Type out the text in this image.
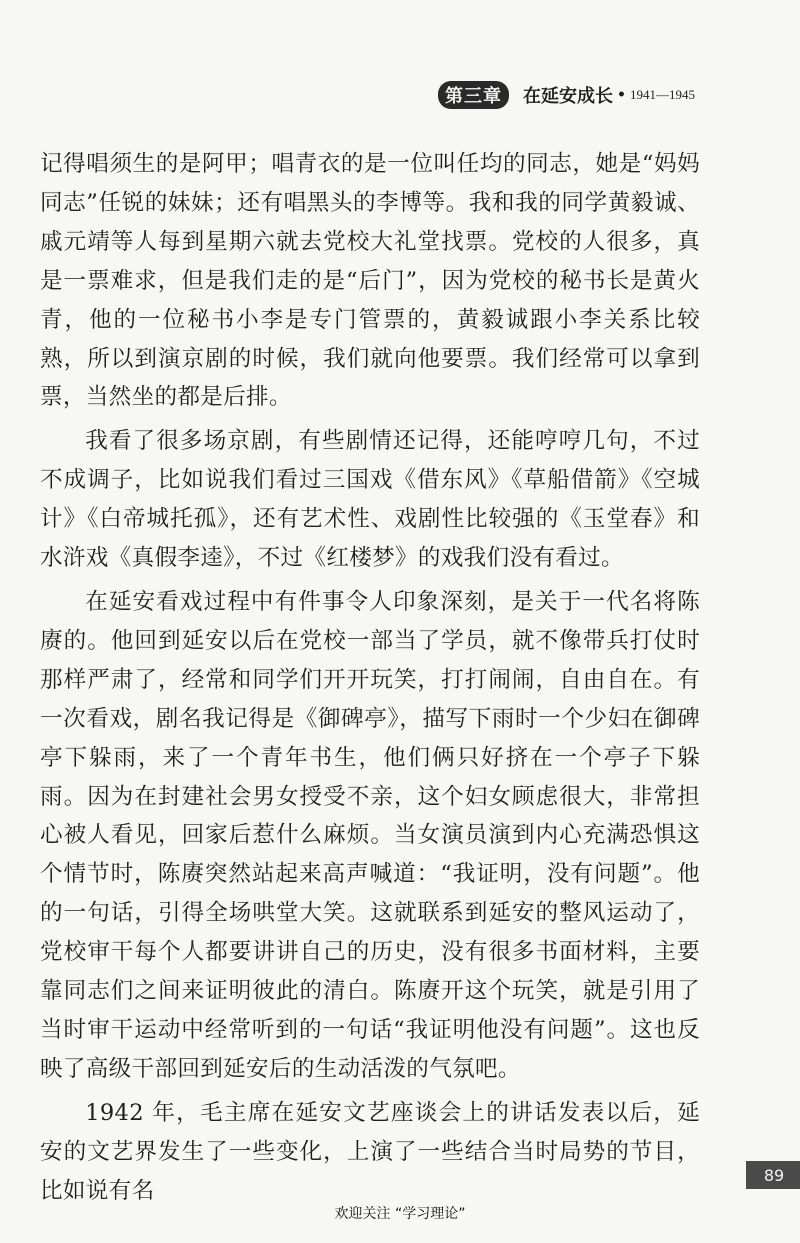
第三章	在延安成长 • 1941—1945

记得唱须生的是阿甲；唱青衣的是一位叫任均的同志，她是“妈妈同志”任锐的妹妹；还有唱黑头的李博等。我和我的同学黄毅诚、戚元靖等人每到星期六就去党校大礼堂找票。党校的人很多，真是一票难求，但是我们走的是“后门”，因为党校的秘书长是黄火青，他的一位秘书小李是专门管票的，黄毅诚跟小李关系比较熟，所以到演京剧的时候，我们就向他要票。我们经常可以拿到票，当然坐的都是后排。

我看了很多场京剧，有些剧情还记得，还能哼哼几句，不过不成调子，比如说我们看过三国戏《借东风》《草船借箭》《空城计》《白帝城托孤》，还有艺术性、戏剧性比较强的《玉堂春》和水浒戏《真假李逵》，不过《红楼梦》的戏我们没有看过。

在延安看戏过程中有件事令人印象深刻，是关于一代名将陈赓的。他回到延安以后在党校一部当了学员，就不像带兵打仗时那样严肃了，经常和同学们开开玩笑，打打闹闹，自由自在。有一次看戏，剧名我记得是《御碑亭》，描写下雨时一个少妇在御碑亭下躲雨，来了一个青年书生，他们俩只好挤在一个亭子下躲雨。因为在封建社会男女授受不亲，这个妇女顾虑很大，非常担心被人看见，回家后惹什么麻烦。当女演员演到内心充满恐惧这个情节时，陈赓突然站起来高声喊道：“我证明，没有问题”。他的一句话，引得全场哄堂大笑。这就联系到延安的整风运动了，党校审干每个人都要讲讲自己的历史，没有很多书面材料，主要靠同志们之间来证明彼此的清白。陈赓开这个玩笑，就是引用了当时审干运动中经常听到的一句话“我证明他没有问题”。这也反映了高级干部回到延安后的生动活泼的气氛吧。

1942 年，毛主席在延安文艺座谈会上的讲话发表以后，延安的文艺界发生了一些变化，上演了一些结合当时局势的节目，比如说有名

89
欢迎关注 “学习理论”
